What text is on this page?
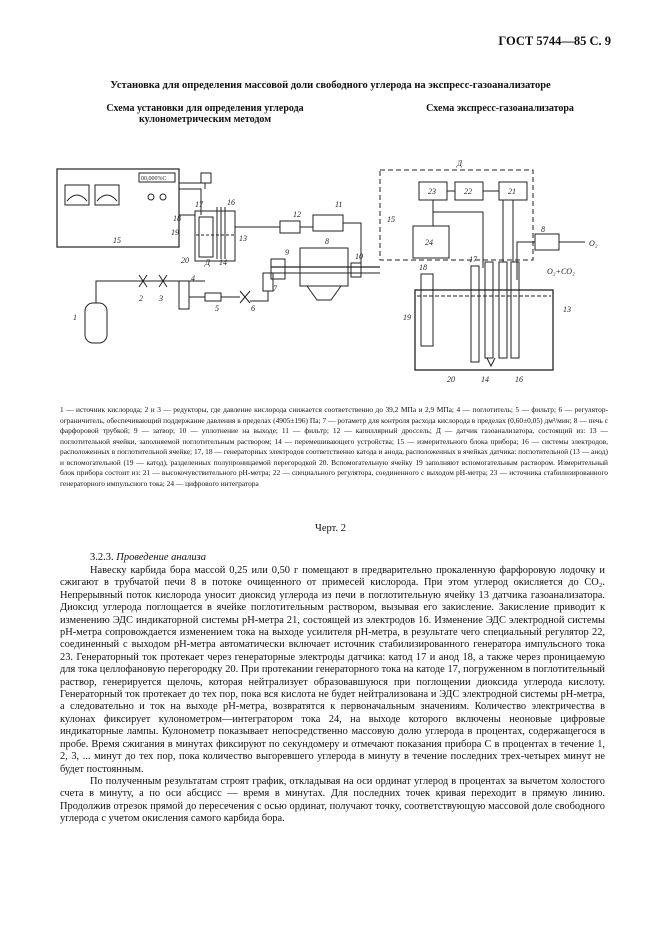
ГОСТ 5744—85 С. 9
Установка для определения массовой доли свободного углерода на экспресс-газоанализаторе
Схема установки для определения углерода кулонометрическим методом
Схема экспресс-газоанализатора
00,000%С
15
17	16
18
19
13
20 Д 14
12
11
8
10
9
7
1
2 3
4
5	6
Д
15
23	22	21
24
8
O₂
O₂+CO₂
18
17
19
13
20	14	16

1 — источник кислорода; 2 и 3 — редукторы, где давление кислорода снижается соответственно до 39,2 МПа и 2,9 МПа; 4 — поглотитель; 5 — фильтр; 6 — регулятор-ограничитель, обеспечивающий поддержание давления в пределах (4905±196) Па; 7 — ротаметр для контроля расхода кислорода в пределах (0,60±0,05) дм³/мин; 8 — печь с фарфоровой трубкой; 9 — затвор; 10 — уплотнение на выходе; 11 — фильтр; 12 — капиллярный дроссель; Д — датчик газоанализатора, состоящий из: 13 — поглотительной ячейки, заполняемой поглотительным раствором; 14 — перемешивающего устройства; 15 — измерительного блока прибора; 16 — системы электродов, расположенных в поглотительной ячейке; 17, 18 — генераторных электродов соответственно катода и анода, расположенных в ячейках датчика: поглотительной (13 — анод) и вспомогательной (19 — катод), разделенных полупроницаемой перегородкой 20. Вспомогательную ячейку 19 заполняют вспомогательным раствором. Измерительный блок прибора состоит из: 21 — высокочувствительного рН-метра; 22 — специального регулятора, соединенного с выходом рН-метра; 23 — источника стабилизированного генераторного импульсного тока; 24 — цифрового интегратора

Черт. 2
3.2.3. Проведение анализа

Навеску карбида бора массой 0,25 или 0,50 г помещают в предварительно прокаленную фарфоровую лодочку и сжигают в трубчатой печи 8 в потоке очищенного от примесей кислорода. При этом углерод окисляется до CO₂. Непрерывный поток кислорода уносит диоксид углерода из печи в поглотительную ячейку 13 датчика газоанализатора. Диоксид углерода поглощается в ячейке поглотительным раствором, вызывая его закисление. Закисление приводит к изменению ЭДС индикаторной системы рН-метра 21, состоящей из электродов 16. Изменение ЭДС электродной системы рН-метра сопровождается изменением тока на выходе усилителя рН-метра, в результате чего специальный регулятор 22, соединенный с выходом рН-метра автоматически включает источник стабилизированного генератора импульсного тока 23. Генераторный ток протекает через генераторные электроды датчика: катод 17 и анод 18, а также через проницаемую для тока целлофановую перегородку 20. При протекании генераторного тока на катоде 17, погруженном в поглотительный раствор, генерируется щелочь, которая нейтрализует образовавшуюся при поглощении диоксида углерода кислоту. Генераторный ток протекает до тех пор, пока вся кислота не будет нейтрализована и ЭДС электродной системы рН-метра, а следовательно и ток на выходе рН-метра, возвратятся к первоначальным значениям. Количество электричества в кулонах фиксирует кулонометром—интегратором тока 24, на выходе которого включены неоновые цифровые индикаторные лампы. Кулонометр показывает непосредственно массовую долю углерода в процентах, содержащегося в пробе. Время сжигания в минутах фиксируют по секундомеру и отмечают показания прибора С в процентах в течение 1, 2, 3, ... минут до тех пор, пока количество выгоревшего углерода в минуту в течение последних трех-четырех минут не будет постоянным.

По полученным результатам строят график, откладывая на оси ординат углерод в процентах за вычетом холостого счета в минуту, а по оси абсцисс — время в минутах. Для последних точек кривая переходит в прямую линию. Продолжив отрезок прямой до пересечения с осью ординат, получают точку, соответствующую массовой доле свободного углерода с учетом окисления самого карбида бора.
